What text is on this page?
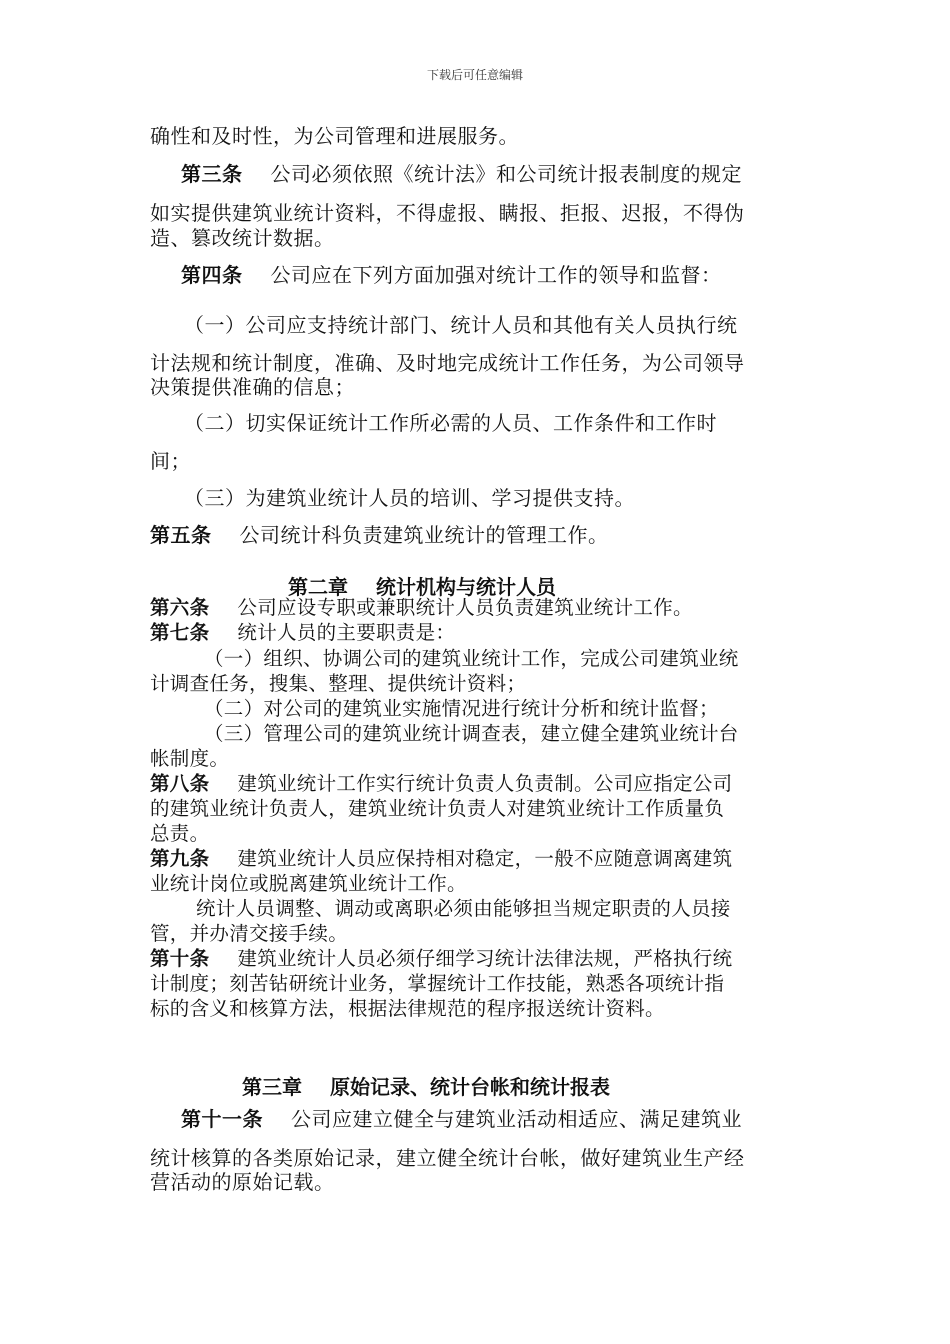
下载后可任意编辑
确性和及时性，为公司管理和进展服务。
第三条 公司必须依照《统计法》和公司统计报表制度的规定
如实提供建筑业统计资料，不得虚报、瞒报、拒报、迟报，不得伪
造、篡改统计数据。
第四条 公司应在下列方面加强对统计工作的领导和监督：
（一）公司应支持统计部门、统计人员和其他有关人员执行统
计法规和统计制度，准确、及时地完成统计工作任务，为公司领导
决策提供准确的信息；
（二）切实保证统计工作所必需的人员、工作条件和工作时
间；
（三）为建筑业统计人员的培训、学习提供支持。
第五条 公司统计科负责建筑业统计的管理工作。
第二章 统计机构与统计人员
第六条 公司应设专职或兼职统计人员负责建筑业统计工作。
第七条 统计人员的主要职责是：
（一）组织、协调公司的建筑业统计工作，完成公司建筑业统
计调查任务，搜集、整理、提供统计资料；
（二）对公司的建筑业实施情况进行统计分析和统计监督；
（三）管理公司的建筑业统计调查表，建立健全建筑业统计台
帐制度。
第八条 建筑业统计工作实行统计负责人负责制。公司应指定公司
的建筑业统计负责人，建筑业统计负责人对建筑业统计工作质量负
总责。
第九条 建筑业统计人员应保持相对稳定，一般不应随意调离建筑
业统计岗位或脱离建筑业统计工作。
统计人员调整、调动或离职必须由能够担当规定职责的人员接
管，并办清交接手续。
第十条 建筑业统计人员必须仔细学习统计法律法规，严格执行统
计制度；刻苦钻研统计业务，掌握统计工作技能，熟悉各项统计指
标的含义和核算方法，根据法律规范的程序报送统计资料。
第三章 原始记录、统计台帐和统计报表
第十一条 公司应建立健全与建筑业活动相适应、满足建筑业
统计核算的各类原始记录，建立健全统计台帐，做好建筑业生产经
营活动的原始记载。
